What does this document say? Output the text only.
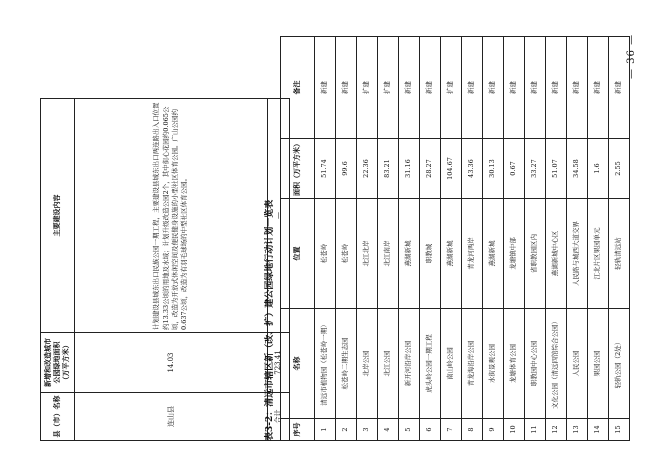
— 36 —
县（市）名称	新增和改造城市公园绿地面积（万平方米）	主要建设内容
连山县	14.03	计划建设县城东出口民族公园一期工程，主要建设县城东出口两连路出入口位置约13.33公顷的用地及水域；计划升级改造公园2个，其中街心花园约0.065公顷，改造为开放式休闲空间及便民健身设施的小型社区体育公园。广山公园约0.637公顷，改造为有羽毛球场的中型社区体育公园。
合计	723.41	—
表3-2：清远市辖区新（改、扩）建公园绿地行动计划一览表 序号	名称	位置	面积（万平方米）	备注
1	清远市植物园（松苍岭一期）	松苍岭	51.74	新建
2	松苍岭二期生态园	松苍岭	99.6	新建
3	北岸公园	北江北岸	22.36	扩建
4	北江公园	北江南岸	83.21	扩建
5	新开河沿岸公园	燕湖新城	31.16	新建
6	虎头岭公园一期工程	职教城	28.27	新建
7	南山岭公园	燕湖新城	104.67	扩建
8	青龙海沿岸公园	青龙河两岸	43.36	新建
9	水街景观公园	燕湖新城	30.13	新建
10	龙塘体育公园	龙塘镇中部	0.67	新建
11	职教园中心公园	省职教园区内	33.27	新建
12	文化公园（清远四馆综合公园）	燕湖新城中心区	51.07	新建
13	人民公园	人民路与城西大道交界	34.58	新建
14	果园公园	江北片区果园单元	1.6	新建
15	轻轨公园（2处）	轻轨清远站	2.55	新建
